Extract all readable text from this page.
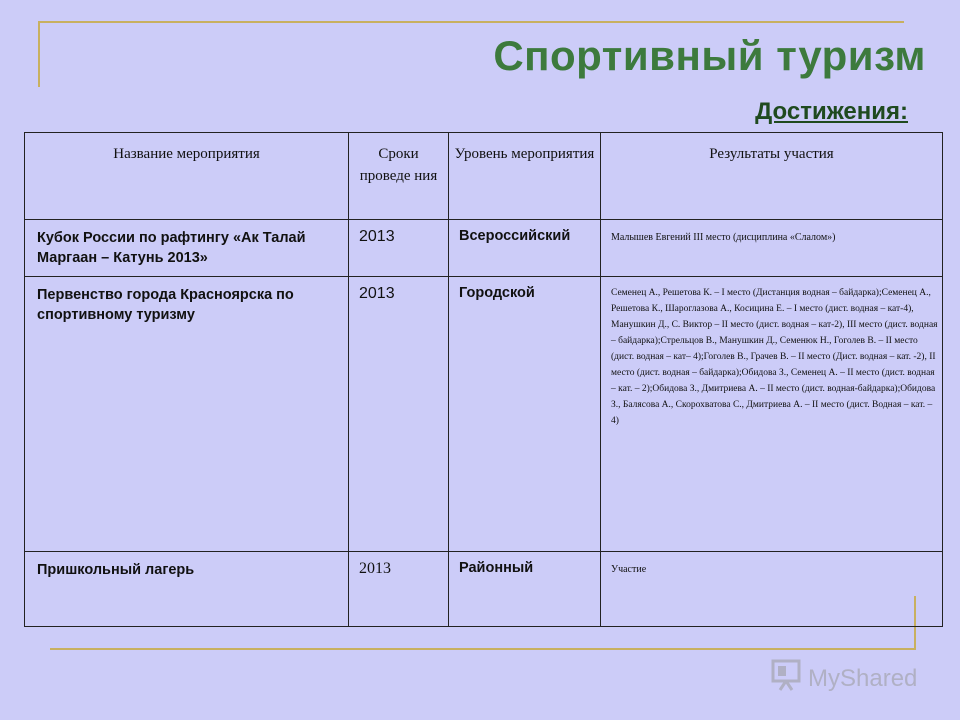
Спортивный туризм
Достижения:
Название мероприятия	Сроки проведе ния	Уровень мероприятия	Результаты участия
Кубок России по рафтингу «Ак Талай Маргаан – Катунь 2013»	2013	Всероссийский	Малышев Евгений III место (дисциплина «Слалом»)
Первенство города Красноярска по спортивному туризму	2013	Городской	Семенец А., Решетова К. – I место (Дистанция водная – байдарка);Семенец А., Решетова К., Шароглазова А., Косицина Е. – I место (дист. водная – кат-4), Манушкин Д., С. Виктор – II место (дист. водная – кат-2), III место (дист. водная – байдарка);Стрельцов В., Манушкин Д., Семенюк Н., Гоголев В. – II место (дист. водная – кат– 4);Гоголев В., Грачев В. – II место (Дист. водная – кат. -2), II место (дист. водная – байдарка);Обидова З., Семенец А. – II место (дист. водная – кат. – 2);Обидова З., Дмитриева А. – II место (дист. водная-байдарка);Обидова З., Балясова А., Скорохватова С., Дмитриева А. – II место (дист. Водная – кат. – 4)
Пришкольный лагерь	2013	Районный	Участие
MyShared
